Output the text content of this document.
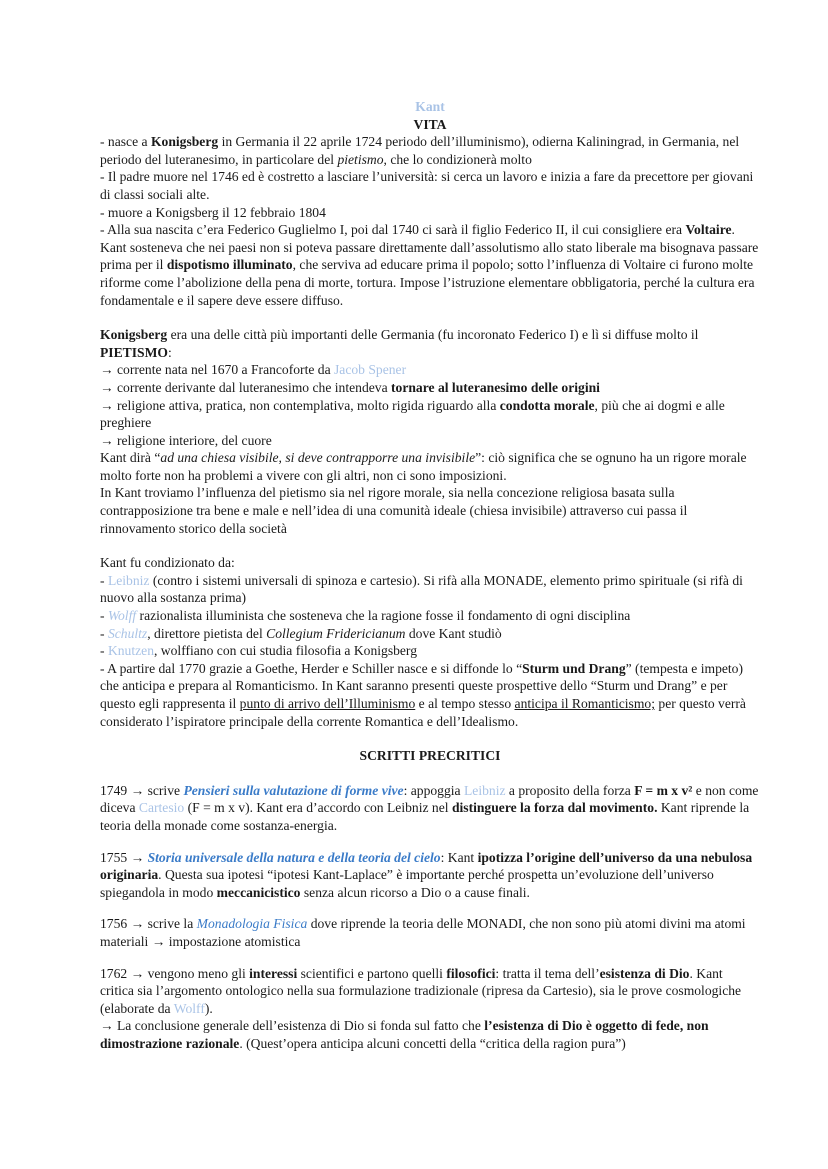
Kant

VITA

- nasce a Konigsberg in Germania il 22 aprile 1724 periodo dell’illuminismo), odierna Kaliningrad, in Germania, nel periodo del luteranesimo, in particolare del pietismo, che lo condizionerà molto

- Il padre muore nel 1746 ed è costretto a lasciare l’università: si cerca un lavoro e inizia a fare da precettore per giovani di classi sociali alte.

- muore a Konigsberg il 12 febbraio 1804

- Alla sua nascita c’era Federico Guglielmo I, poi dal 1740 ci sarà il figlio Federico II, il cui consigliere era Voltaire. Kant sosteneva che nei paesi non si poteva passare direttamente dall’assolutismo allo stato liberale ma bisognava passare prima per il dispotismo illuminato, che serviva ad educare prima il popolo; sotto l’influenza di Voltaire ci furono molte riforme come l’abolizione della pena di morte, tortura. Impose l’istruzione elementare obbligatoria, perché la cultura era fondamentale e il sapere deve essere diffuso.

Konigsberg era una delle città più importanti delle Germania (fu incoronato Federico I) e lì si diffuse molto il PIETISMO:

→ corrente nata nel 1670 a Francoforte da Jacob Spener

→ corrente derivante dal luteranesimo che intendeva tornare al luteranesimo delle origini

→ religione attiva, pratica, non contemplativa, molto rigida riguardo alla condotta morale, più che ai dogmi e alle preghiere

→ religione interiore, del cuore

Kant dirà “ad una chiesa visibile, si deve contrapporre una invisibile”: ciò significa che se ognuno ha un rigore morale molto forte non ha problemi a vivere con gli altri, non ci sono imposizioni.

In Kant troviamo l’influenza del pietismo sia nel rigore morale, sia nella concezione religiosa basata sulla contrapposizione tra bene e male e nell’idea di una comunità ideale (chiesa invisibile) attraverso cui passa il rinnovamento storico della società

Kant fu condizionato da:

- Leibniz (contro i sistemi universali di spinoza e cartesio). Si rifà alla MONADE, elemento primo spirituale (si rifà di nuovo alla sostanza prima)

- Wolff razionalista illuminista che sosteneva che la ragione fosse il fondamento di ogni disciplina

- Schultz, direttore pietista del Collegium Fridericianum dove Kant studiò

- Knutzen, wolffiano con cui studia filosofia a Konigsberg

- A partire dal 1770 grazie a Goethe, Herder e Schiller nasce e si diffonde lo “Sturm und Drang” (tempesta e impeto) che anticipa e prepara al Romanticismo. In Kant saranno presenti queste prospettive dello “Sturm und Drang” e per questo egli rappresenta il punto di arrivo dell’Illuminismo e al tempo stesso anticipa il Romanticismo; per questo verrà considerato l’ispiratore principale della corrente Romantica e dell’Idealismo.

SCRITTI PRECRITICI

1749 → scrive Pensieri sulla valutazione di forme vive: appoggia Leibniz a proposito della forza F = m x v² e non come diceva Cartesio (F = m x v). Kant era d’accordo con Leibniz nel distinguere la forza dal movimento. Kant riprende la teoria della monade come sostanza-energia.

1755 → Storia universale della natura e della teoria del cielo: Kant ipotizza l’origine dell’universo da una nebulosa originaria. Questa sua ipotesi “ipotesi Kant-Laplace” è importante perché prospetta un’evoluzione dell’universo spiegandola in modo meccanicistico senza alcun ricorso a Dio o a cause finali.

1756 → scrive la Monadologia Fisica dove riprende la teoria delle MONADI, che non sono più atomi divini ma atomi materiali → impostazione atomistica

1762 → vengono meno gli interessi scientifici e partono quelli filosofici: tratta il tema dell’esistenza di Dio. Kant critica sia l’argomento ontologico nella sua formulazione tradizionale (ripresa da Cartesio), sia le prove cosmologiche (elaborate da Wolff).

→ La conclusione generale dell’esistenza di Dio si fonda sul fatto che l’esistenza di Dio è oggetto di fede, non dimostrazione razionale. (Quest’opera anticipa alcuni concetti della “critica della ragion pura”)
